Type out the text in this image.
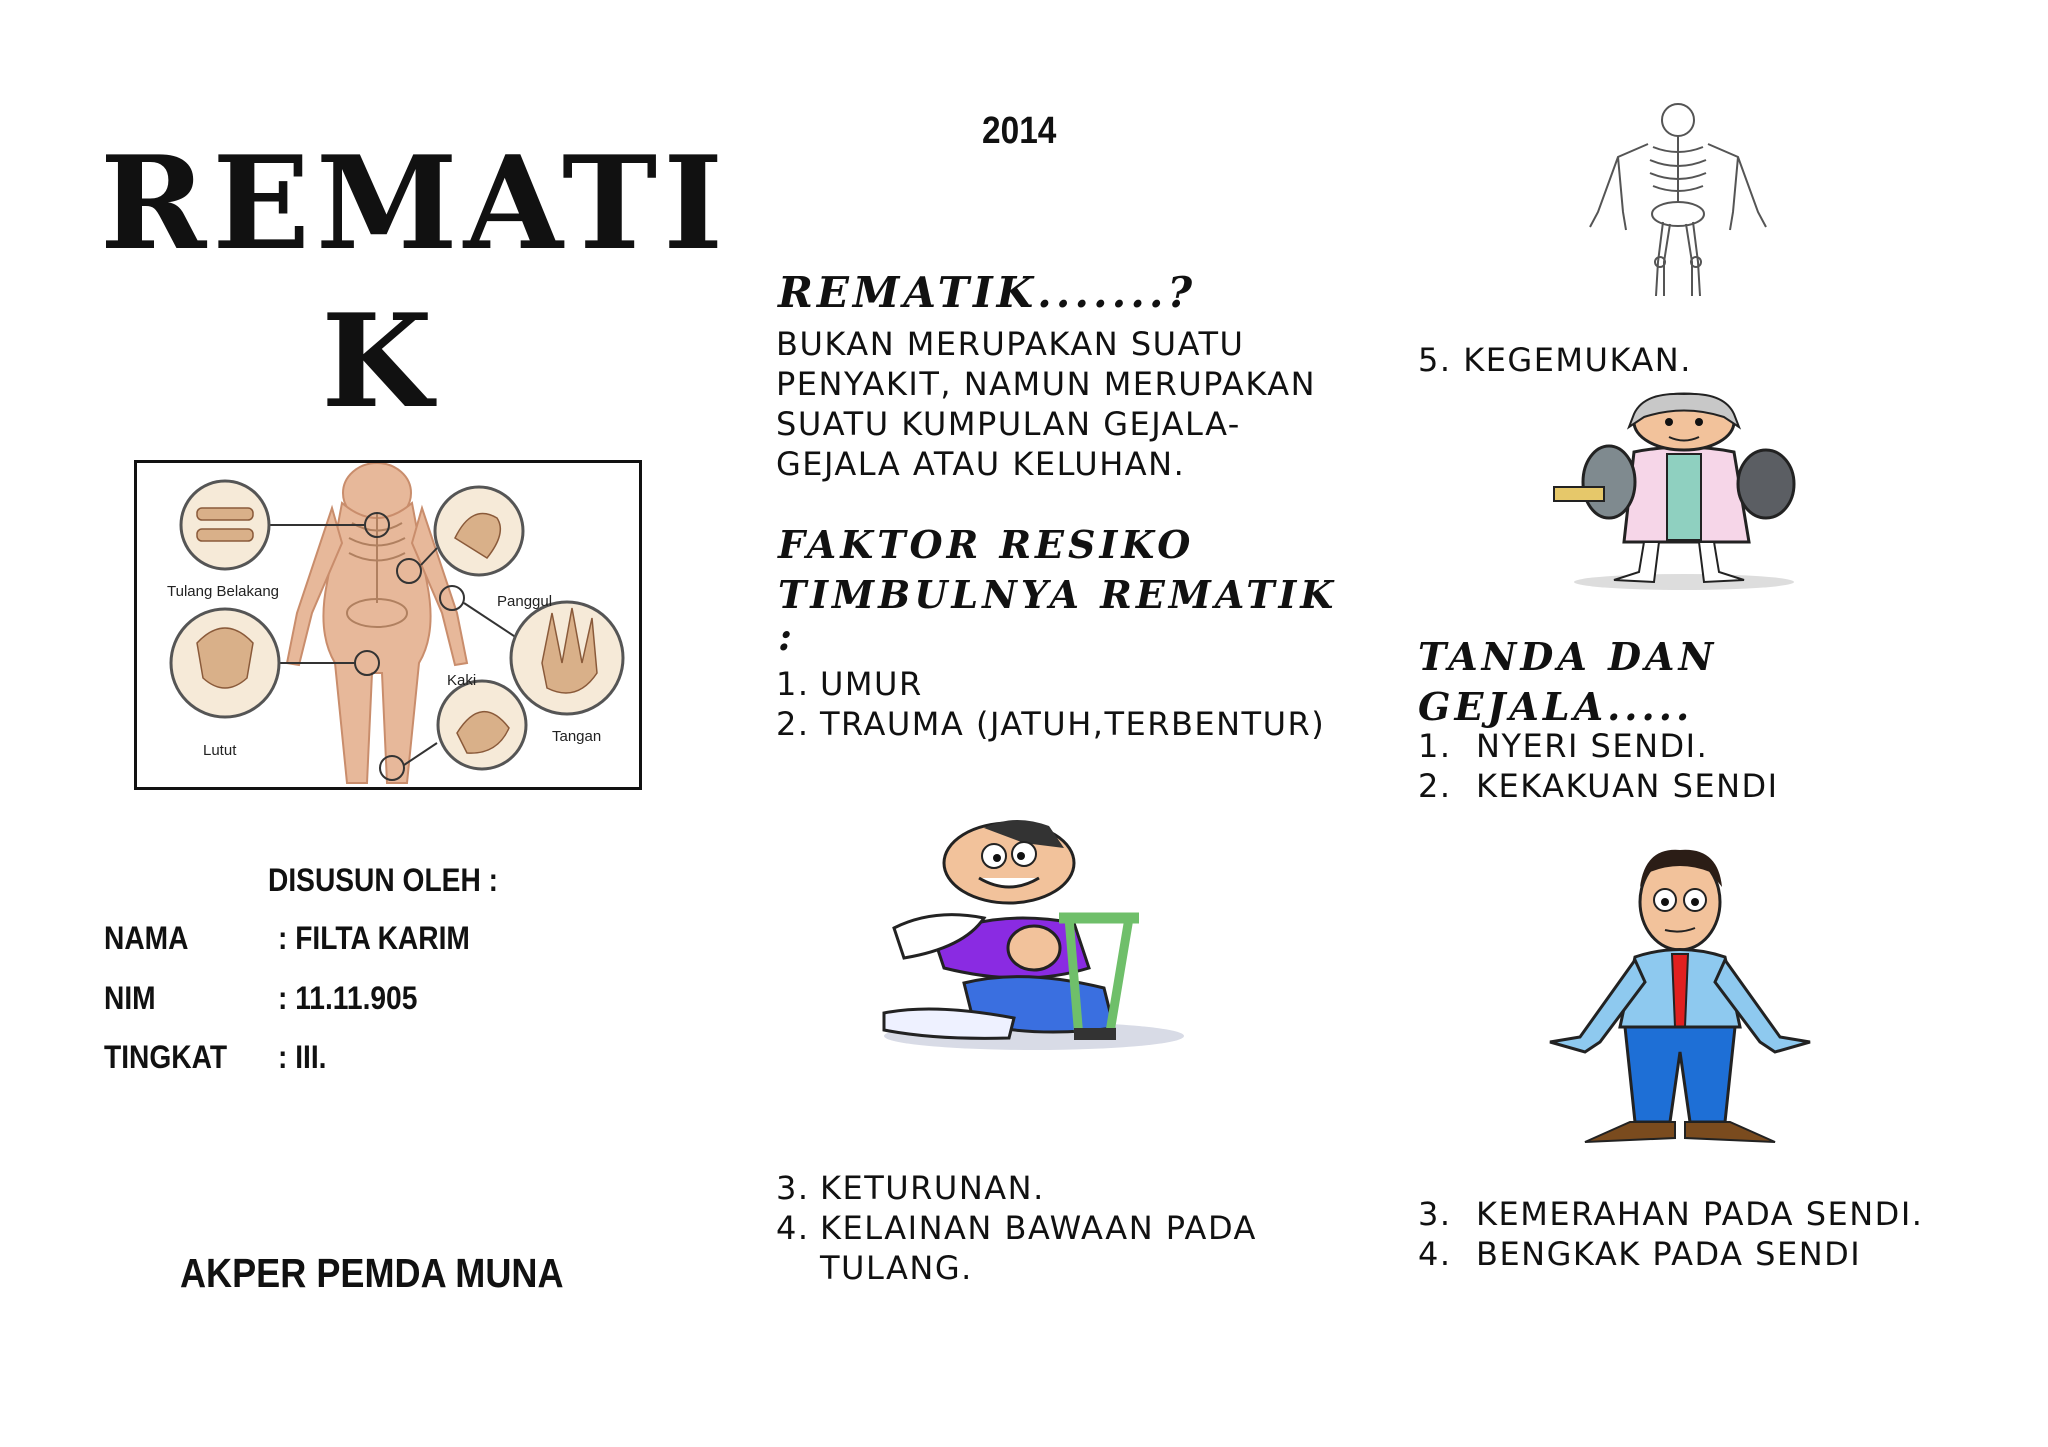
REMATI
K
Tulang Belakang
Panggul
Kaki
Tangan
Lutut
DISUSUN OLEH :
NAMA	: FILTA KARIM
NIM	: 11.11.905
TINGKAT : III.
AKPER PEMDA MUNA
2014
REMATIK.......?
BUKAN MERUPAKAN SUATU
PENYAKIT, NAMUN MERUPAKAN
SUATU KUMPULAN GEJALA-
GEJALA ATAU KELUHAN.
FAKTOR RESIKO
TIMBULNYA REMATIK
:
1. UMUR
2. TRAUMA (JATUH,TERBENTUR)
3. KETURUNAN.
4. KELAINAN BAWAAN PADA
TULANG.
5. KEGEMUKAN.
TANDA DAN
GEJALA.....
1. NYERI SENDI.
2. KEKAKUAN SENDI
3. KEMERAHAN PADA SENDI.
4. BENGKAK PADA SENDI
